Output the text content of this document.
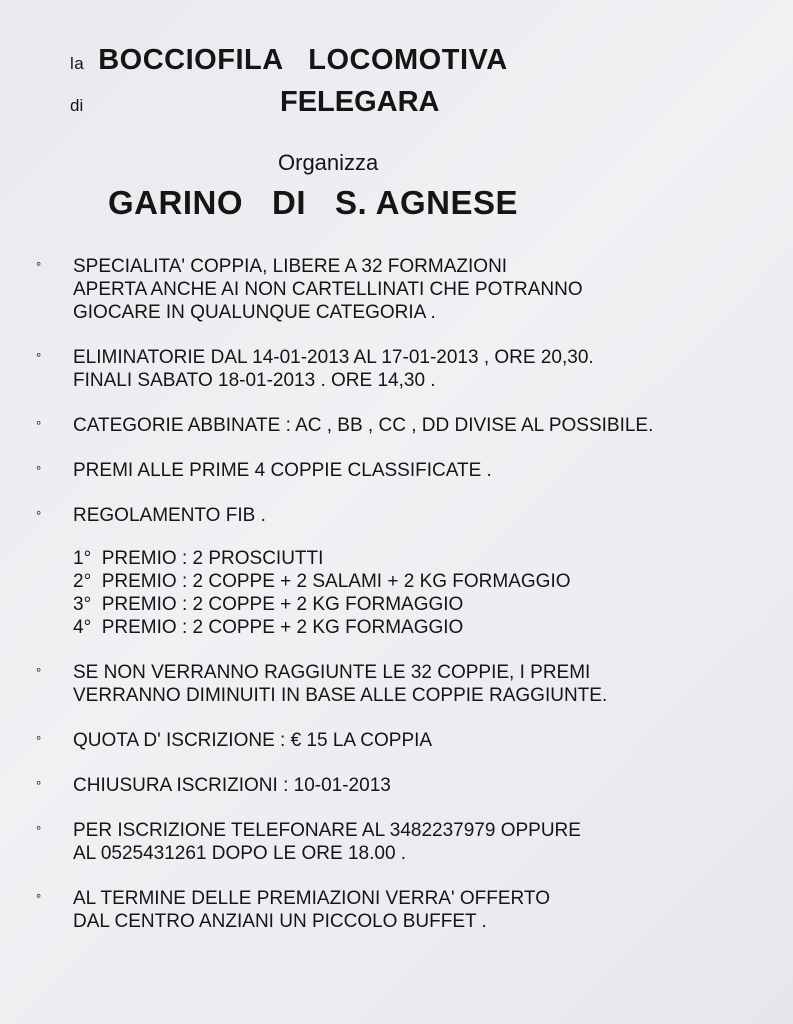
la BOCCIOFILA   LOCOMOTIVA
di	FELEGARA
Organizza
GARINO   DI   S. AGNESE
° SPECIALITA' COPPIA, LIBERE A 32 FORMAZIONI
APERTA ANCHE AI NON CARTELLINATI CHE POTRANNO
GIOCARE IN QUALUNQUE CATEGORIA .
° ELIMINATORIE DAL 14-01-2013 AL 17-01-2013 , ORE 20,30.
FINALI SABATO 18-01-2013 . ORE 14,30 .
° CATEGORIE ABBINATE : AC , BB , CC , DD DIVISE AL POSSIBILE.
° PREMI ALLE PRIME 4 COPPIE CLASSIFICATE .
° REGOLAMENTO FIB .
1°  PREMIO : 2 PROSCIUTTI
2°  PREMIO : 2 COPPE + 2 SALAMI + 2 KG FORMAGGIO
3°  PREMIO : 2 COPPE + 2 KG FORMAGGIO
4°  PREMIO : 2 COPPE + 2 KG FORMAGGIO
° SE NON VERRANNO RAGGIUNTE LE 32 COPPIE, I PREMI
VERRANNO DIMINUITI IN BASE ALLE COPPIE RAGGIUNTE.
° QUOTA D' ISCRIZIONE : € 15 LA COPPIA
° CHIUSURA ISCRIZIONI : 10-01-2013
° PER ISCRIZIONE TELEFONARE AL 3482237979 OPPURE
AL 0525431261 DOPO LE ORE 18.00 .
° AL TERMINE DELLE PREMIAZIONI VERRA' OFFERTO
DAL CENTRO ANZIANI UN PICCOLO BUFFET .
